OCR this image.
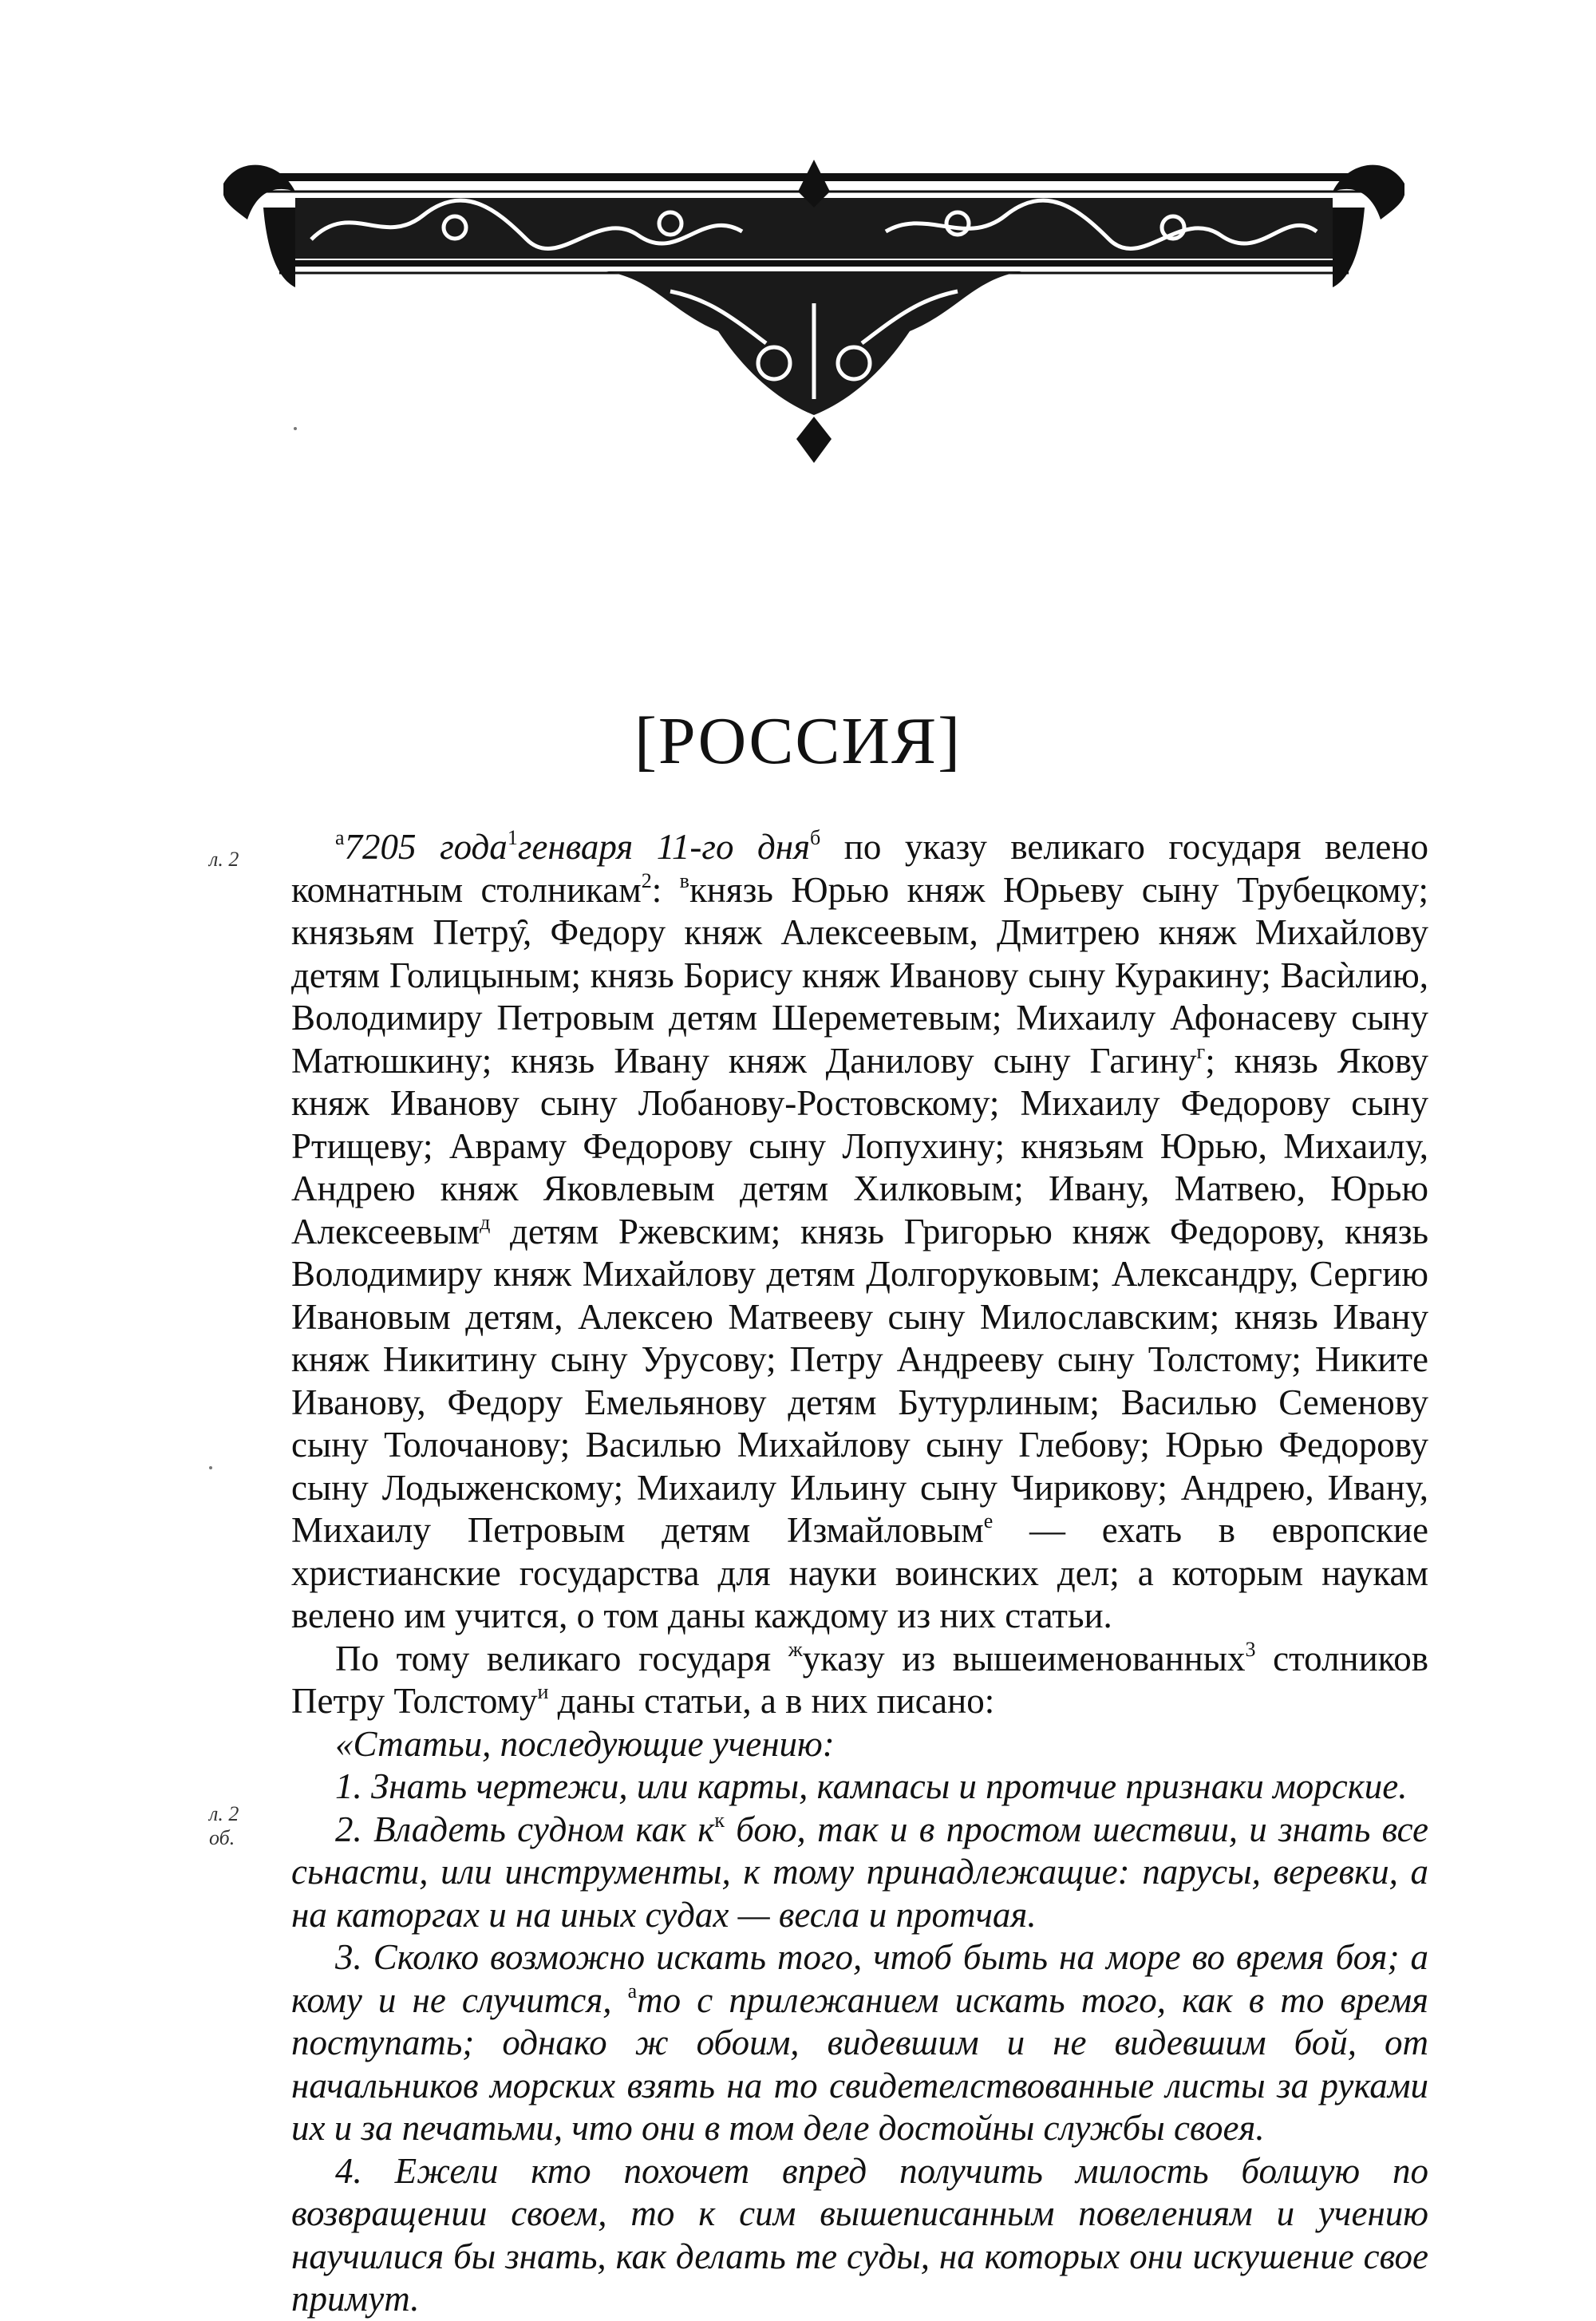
[РОССИЯ]
л. 2
л. 2
об.

$^а$7205 года$^1$генваря 11-го дня$^б$ по указу великаго государя велено комнатным столникам$^2$: $^в$князь Юрью княж Юрьеву сыну Трубецкому; князьям Петру̑, Федору княж Алексеевым, Дмитрею княж Михайлову детям Голицыным; князь Борису княж Иванову сыну Куракину; Васѝлию, Володимиру Петровым детям Шереметевым; Михаилу Афонасеву сыну Матюшкину; князь Ивану княж Данилову сыну Гагину$^г$; князь Якову княж Иванову сыну Лобанову-Ростовскому; Михаилу Федорову сыну Ртищеву; Авраму Федорову сыну Лопухину; князьям Юрью, Михаилу, Андрею княж Яковлевым детям Хилковым; Ивану, Матвею, Юрью Алексеевым$^д$ детям Ржевским; князь Григорью княж Федорову, князь Володимиру княж Михайлову детям Долгоруковым; Александру, Сергию Ивановым детям, Алексею Матвееву сыну Милославским; князь Ивану княж Никитину сыну Урусову; Петру Андрееву сыну Толстому; Никите Иванову, Федору Емельянову детям Бутурлиным; Василью Семенову сыну Толочанову; Василью Михайлову сыну Глебову; Юрью Федорову сыну Лодыженскому; Михаилу Ильину сыну Чирикову; Андрею, Ивану, Михаилу Петровым детям Измайловым$^е$ — ехать в европские христианские государства для науки воинских дел; а которым наукам велено им учится, о том даны каждому из них статьи.

По тому великаго государя $^ж$указу из вышеименованных$^3$ столников Петру Толстому$^и$ даны статьи, а в них писано:

«Статьи, последующие учению:

1. Знать чертежи, или карты, кампасы и протчие признаки морские.

2. Владеть судном как $к^к$ бою, так и в простом шествии, и знать все сьнасти, или инструменты, к тому принадлежащие: парусы, веревки, а на каторгах и на иных судах — весла и протчая.

3. Сколко возможно искать того, чтоб быть на море во время боя; а кому и не случится, $^а$то с прилежанием искать того, как в то время поступать; однако ж обоим, видевшим и не видевшим бой, от начальников морских взять на то свидетелствованные листы за руками их и за печатьми, что они в том деле достойны службы своея.

4. Ежели кто похочет впред получить милость болшую по возвращении своем, то к сим вышеписанным повелениям и учению научилися бы знать, как делать те суды, на которых они искушение свое примут.
